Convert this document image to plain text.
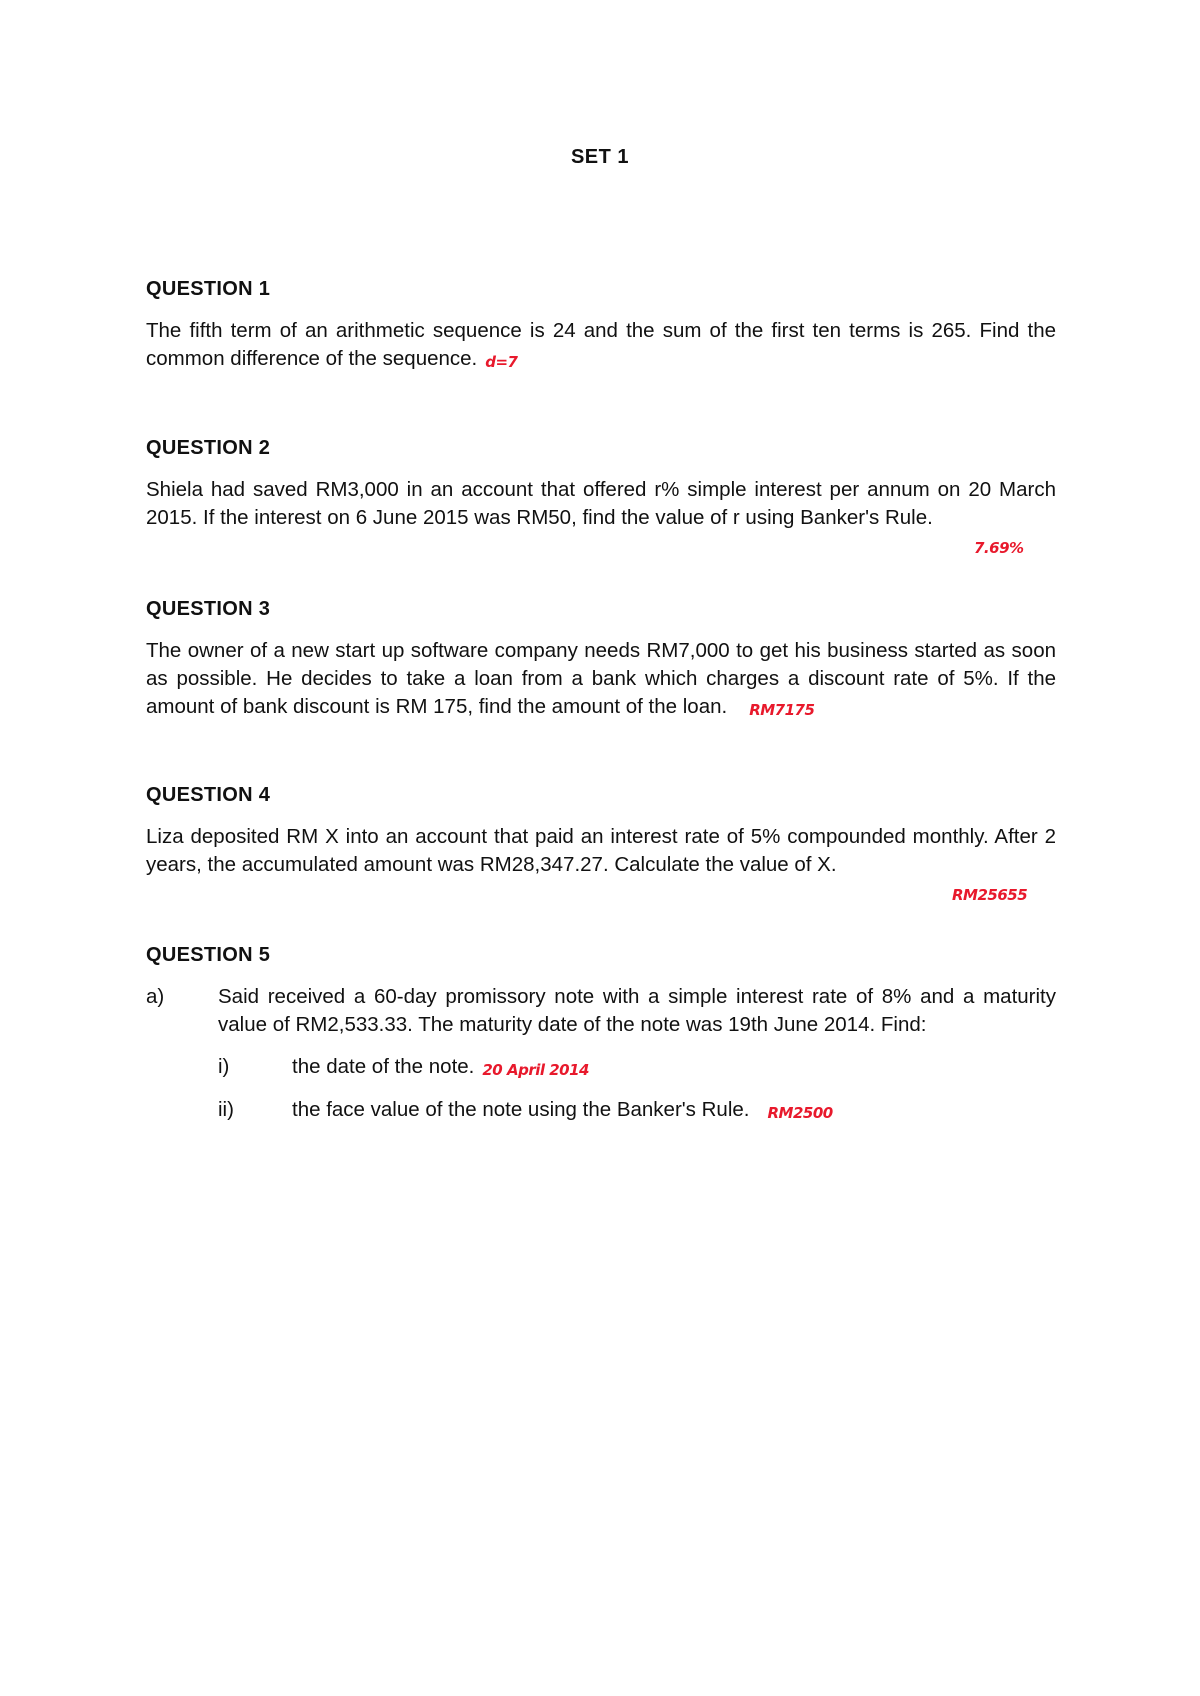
SET 1
QUESTION 1

The fifth term of an arithmetic sequence is 24 and the sum of the first ten terms is 265. Find the common difference of the sequence. d=7

QUESTION 2

Shiela had saved RM3,000 in an account that offered r% simple interest per annum on 20 March 2015. If the interest on 6 June 2015 was RM50, find the value of r using Banker's Rule.

7.69%
QUESTION 3

The owner of a new start up software company needs RM7,000 to get his business started as soon as possible. He decides to take a loan from a bank which charges a discount rate of 5%. If the amount of bank discount is RM 175, find the amount of the loan. RM7175

QUESTION 4

Liza deposited RM X into an account that paid an interest rate of 5% compounded monthly. After 2 years, the accumulated amount was RM28,347.27. Calculate the value of X.

RM25655
QUESTION 5
a)	Said received a 60-day promissory note with a simple interest rate of 8% and a maturity value of RM2,533.33. The maturity date of the note was 19th June 2014. Find:
i)	the date of the note. 20 April 2014
ii)	the face value of the note using the Banker's Rule. RM2500
